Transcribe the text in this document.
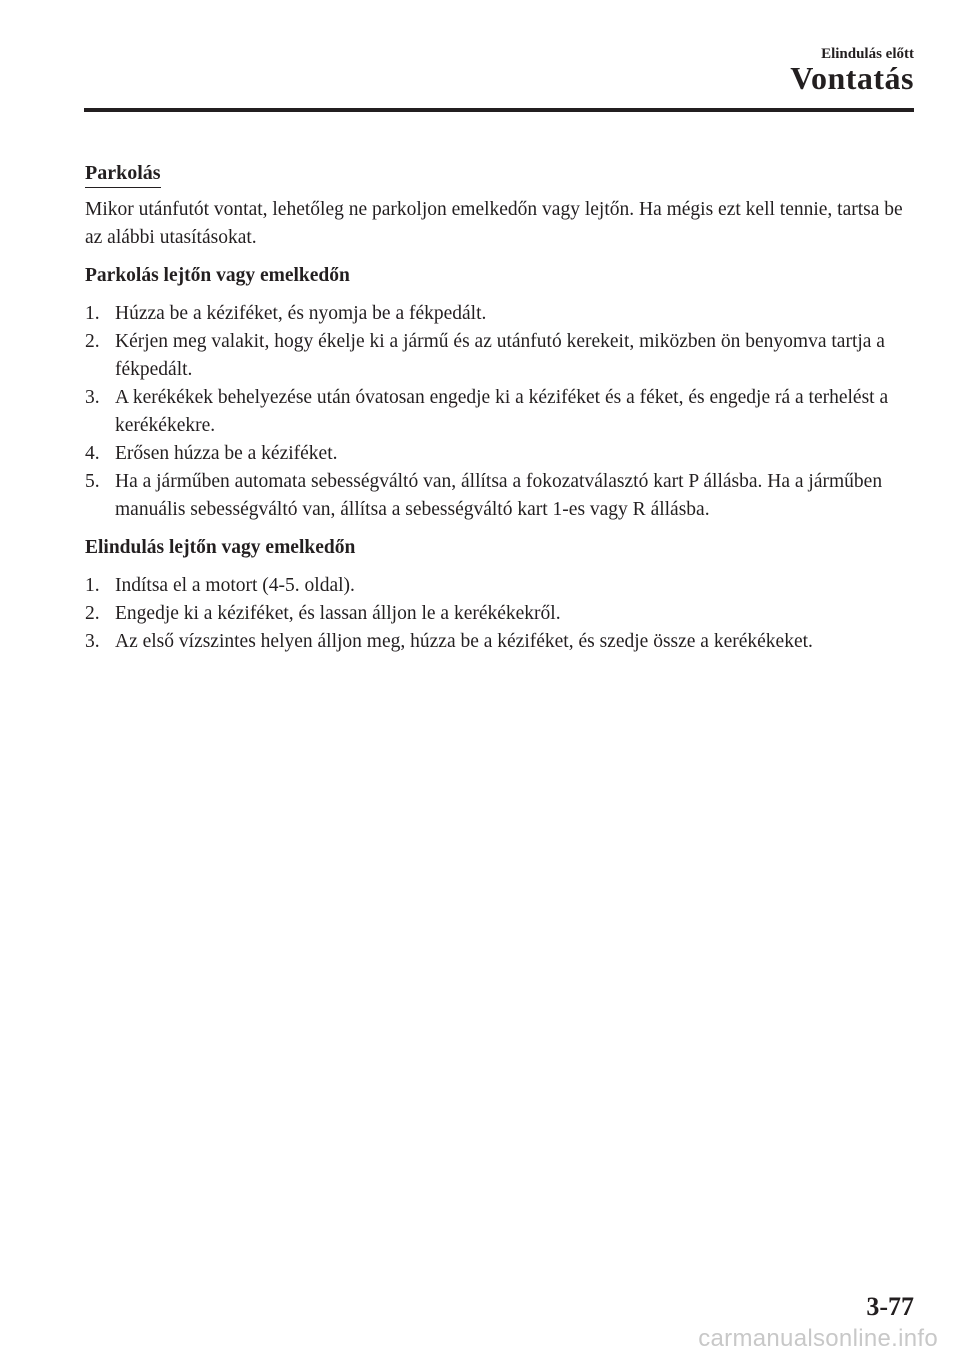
Elindulás előtt
Vontatás
Parkolás

Mikor utánfutót vontat, lehetőleg ne parkoljon emelkedőn vagy lejtőn. Ha mégis ezt kell tennie, tartsa be az alábbi utasításokat.

Parkolás lejtőn vagy emelkedőn
1. Húzza be a kéziféket, és nyomja be a fékpedált.
2. Kérjen meg valakit, hogy ékelje ki a jármű és az utánfutó kerekeit, miközben ön benyomva tartja a fékpedált.
3. A kerékékek behelyezése után óvatosan engedje ki a kéziféket és a féket, és engedje rá a terhelést a kerékékekre.
4. Erősen húzza be a kéziféket.
5. Ha a járműben automata sebességváltó van, állítsa a fokozatválasztó kart P állásba. Ha a járműben manuális sebességváltó van, állítsa a sebességváltó kart 1-es vagy R állásba.
Elindulás lejtőn vagy emelkedőn
1. Indítsa el a motort (4-5. oldal).
2. Engedje ki a kéziféket, és lassan álljon le a kerékékekről.
3. Az első vízszintes helyen álljon meg, húzza be a kéziféket, és szedje össze a kerékékeket.
3-77
carmanualsonline.info
